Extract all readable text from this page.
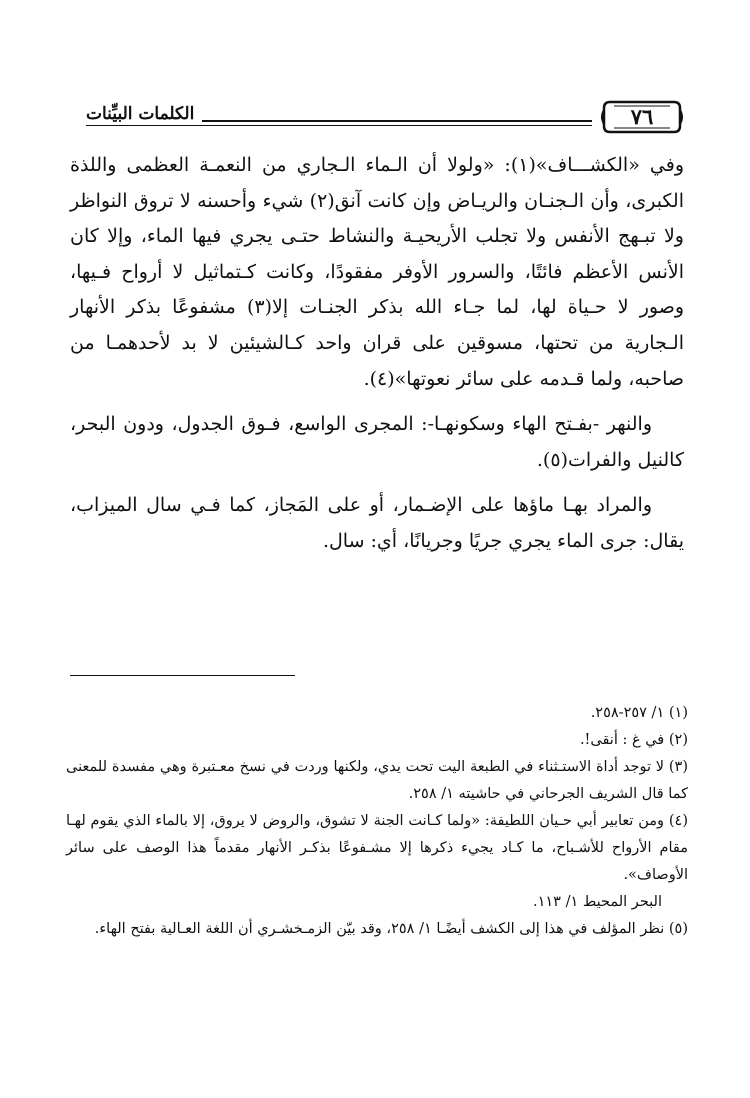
الكلمات البيِّنات	٧٦

وفي «الكشـــاف»(١): «ولولا أن الـماء الـجاري من النعمـة العظمى واللذة الكبرى، وأن الـجنـان والريـاض وإن كانت آنق(٢) شيء وأحسنه لا تروق النواظر ولا تبـهج الأنفس ولا تجلب الأريحيـة والنشاط حتـى يجري فيها الماء، وإلا كان الأنس الأعظم فائتًا، والسرور الأوفر مفقودًا، وكانت كـتماثيل لا أرواح فـيها، وصور لا حـياة لها، لما جـاء الله بذكر الجنـات إلا(٣) مشفوعًا بذكر الأنهار الـجارية من تحتها، مسوقين على قران واحد كـالشيئين لا بد لأحدهمـا من صاحبه، ولما قـدمه على سائر نعوتها»(٤).

والنهر -بفـتح الهاء وسكونهـا-: المجرى الواسع، فـوق الجدول، ودون البحر، كالنيل والفرات(٥).

والمراد بهـا ماؤها على الإضـمار، أو على المَجاز، كما فـي سال الميزاب، يقال: جرى الماء يجري جريًا وجريانًا، أي: سال.

(١) ١/ ٢٥٧-٢٥٨.

(٢) في غ : أنقى!.

(٣) لا توجد أداة الاستـثناء في الطبعة اليت تحت يدي، ولكنها وردت في نسخ معـتبرة وهي مفسدة للمعنى كما قال الشريف الجرحاني في حاشيته ١/ ٢٥٨.

(٤) ومن تعابير أبي حـيان اللطيفة: «ولما كـانت الجنة لا تشوق، والروض لا يروق، إلا بالماء الذي يقوم لهـا مقام الأرواح للأشـباح، ما كـاد يجيء ذكرها إلا مشـفوعًا بذكـر الأنهار مقدماً هذا الوصف على سائر الأوصاف».

البحر المحيط ١/ ١١٣.

(٥) نظر المؤلف في هذا إلى الكشف أيضًـا ١/ ٢٥٨، وقد بيّن الزمـخشـري أن اللغة العـالية بفتح الهاء.
